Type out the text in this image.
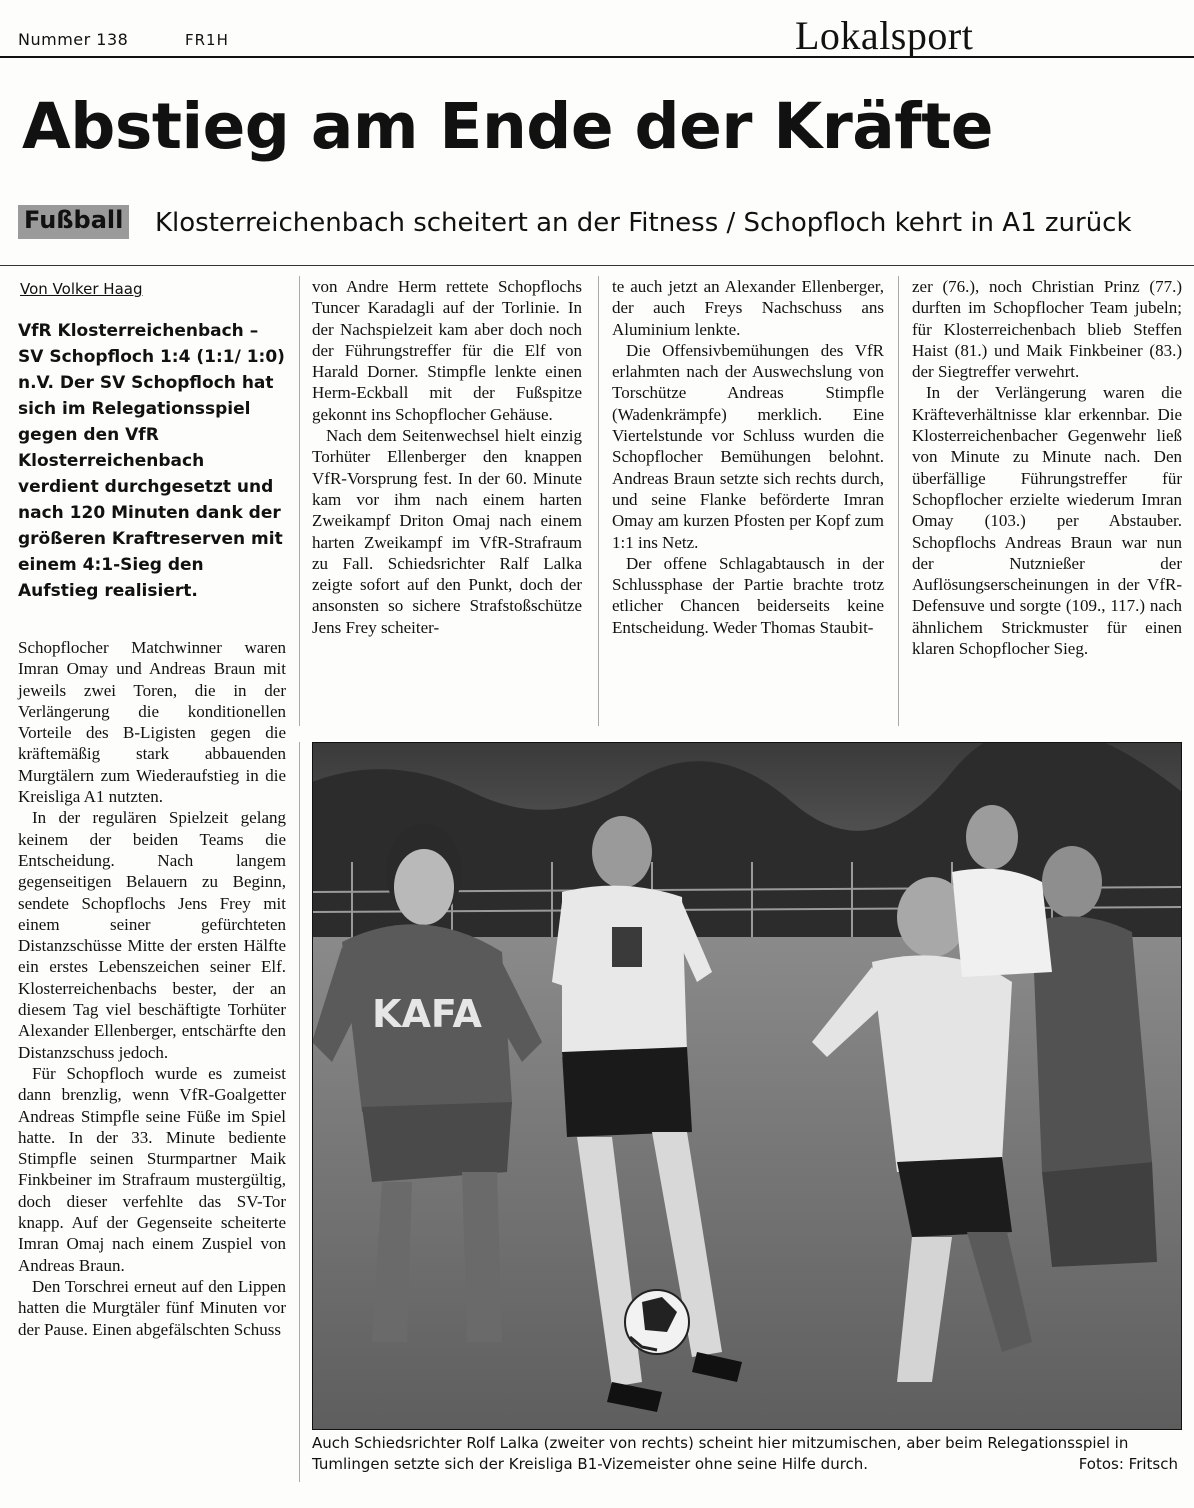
Nummer 138	FR1H	Lokalsport
Abstieg am Ende der Kräfte
Fußball Klosterreichenbach scheitert an der Fitness / Schopfloch kehrt in A1 zurück
Von Volker Haag
VfR Klosterreichenbach – SV Schopfloch 1:4 (1:1/ 1:0) n.V. Der SV Schopfloch hat sich im Relegationsspiel gegen den VfR Klosterreichenbach verdient durchgesetzt und nach 120 Minuten dank der größeren Kraftreserven mit einem 4:1-Sieg den Aufstieg realisiert.

Schopflocher Matchwinner waren Imran Omay und Andreas Braun mit jeweils zwei Toren, die in der Verlängerung die konditionellen Vorteile des B-Ligisten gegen die kräftemäßig stark abbauenden Murgtälern zum Wiederaufstieg in die Kreisliga A1 nutzten.

In der regulären Spielzeit gelang keinem der beiden Teams die Entscheidung. Nach langem gegenseitigen Belauern zu Beginn, sendete Schopflochs Jens Frey mit einem seiner gefürchteten Distanzschüsse Mitte der ersten Hälfte ein erstes Lebenszeichen seiner Elf. Klosterreichenbachs bester, der an diesem Tag viel beschäftigte Torhüter Alexander Ellenberger, entschärfte den Distanzschuss jedoch.

Für Schopfloch wurde es zumeist dann brenzlig, wenn VfR-Goalgetter Andreas Stimpfle seine Füße im Spiel hatte. In der 33. Minute bediente Stimpfle seinen Sturmpartner Maik Finkbeiner im Strafraum mustergültig, doch dieser verfehlte das SV-Tor knapp. Auf der Gegenseite scheiterte Imran Omaj nach einem Zuspiel von Andreas Braun.

Den Torschrei erneut auf den Lippen hatten die Murgtäler fünf Minuten vor der Pause. Einen abgefälschten Schuss

von Andre Herm rettete Schopflochs Tuncer Karadagli auf der Torlinie. In der Nachspielzeit kam aber doch noch der Führungstreffer für die Elf von Harald Dorner. Stimpfle lenkte einen Herm-Eckball mit der Fußspitze gekonnt ins Schopflocher Gehäuse.

Nach dem Seitenwechsel hielt einzig Torhüter Ellenberger den knappen VfR-Vorsprung fest. In der 60. Minute kam vor ihm nach einem harten Zweikampf Driton Omaj nach einem harten Zweikampf im VfR-Strafraum zu Fall. Schiedsrichter Ralf Lalka zeigte sofort auf den Punkt, doch der ansonsten so sichere Strafstoßschütze Jens Frey scheiter-

te auch jetzt an Alexander Ellenberger, der auch Freys Nachschuss ans Aluminium lenkte.

Die Offensivbemühungen des VfR erlahmten nach der Auswechslung von Torschütze Andreas Stimpfle (Wadenkrämpfe) merklich. Eine Viertelstunde vor Schluss wurden die Schopflocher Bemühungen belohnt. Andreas Braun setzte sich rechts durch, und seine Flanke beförderte Imran Omay am kurzen Pfosten per Kopf zum 1:1 ins Netz.

Der offene Schlagabtausch in der Schlussphase der Partie brachte trotz etlicher Chancen beiderseits keine Entscheidung. Weder Thomas Staubit-

zer (76.), noch Christian Prinz (77.) durften im Schopflocher Team jubeln; für Klosterreichenbach blieb Steffen Haist (81.) und Maik Finkbeiner (83.) der Siegtreffer verwehrt.

In der Verlängerung waren die Kräfteverhältnisse klar erkennbar. Die Klosterreichenbacher Gegenwehr ließ von Minute zu Minute nach. Den überfällige Führungstreffer für Schopflocher erzielte wiederum Imran Omay (103.) per Abstauber. Schopflochs Andreas Braun war nun der Nutznießer der Auflösungserscheinungen in der VfR-Defensuve und sorgte (109., 117.) nach ähnlichem Strickmuster für einen klaren Schopflocher Sieg.

KAFA
Auch Schiedsrichter Rolf Lalka (zweiter von rechts) scheint hier mitzumischen, aber beim Relegationsspiel in Tumlingen setzte sich der Kreisliga B1-Vizemeister ohne seine Hilfe durch.	Fotos: Fritsch
